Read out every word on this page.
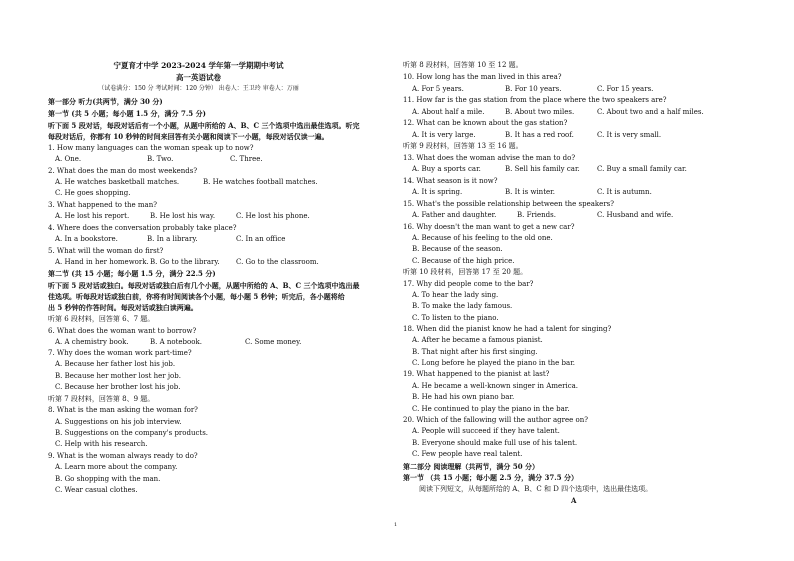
宁夏育才中学 2023-2024 学年第一学期期中考试
高一英语试卷
（试卷满分：150 分 考试时间：120 分钟） 出卷人：王卫玲 审卷人：万丽
第一部分 听力(共两节，满分 30 分)
第一节 (共 5 小题；每小题 1.5 分，满分 7.5 分)
听下面 5 段对话，每段对话后有一个小题，从题中所给的 A、B、C 三个选项中选出最佳选项。听完
每段对话后，你都有 10 秒钟的时间来回答有关小题和阅读下一小题，每段对话仅读一遍。
1. How many languages can the woman speak up to now?
A. One.	B. Two.	C. Three.
2. What does the man do most weekends?
A. He watches basketball matches.	B. He watches football matches.
C. He goes shopping.
3. What happened to the man?
A. He lost his report.	B. He lost his way.	C. He lost his phone.
4. Where does the conversation probably take place?
A. In a bookstore.	B. In a library.	C. In an office
5. What will the woman do first?
A. Hand in her homework. B. Go to the library. C. Go to the classroom.
第二节 (共 15 小题；每小题 1.5 分，满分 22.5 分)
听下面 5 段对话或独白。每段对话或独白后有几个小题，从题中所给的 A、B、C 三个选项中选出最
佳选项。听每段对话或独白前，你将有时间阅读各个小题，每小题 5 秒钟；听完后，各小题将给
出 5 秒钟的作答时间。每段对话或独白读两遍。
听第 6 段材料，回答第 6、7 题。
6. What does the woman want to borrow?
A. A chemistry book.	B. A notebook.	C. Some money.
7. Why does the woman work part-time?
A. Because her father lost his job.
B. Because her mother lost her job.
C. Because her brother lost his job.
听第 7 段材料，回答第 8、9 题。
8. What is the man asking the woman for?
A. Suggestions on his job interview.
B. Suggestions on the company's products.
C. Help with his research.
9. What is the woman always ready to do?
A. Learn more about the company.
B. Go shopping with the man.
C. Wear casual clothes.
听第 8 段材料，回答第 10 至 12 题。
10. How long has the man lived in this area?
A. For 5 years.	B. For 10 years.	C. For 15 years.
11. How far is the gas station from the place where the two speakers are?
A. About half a mile.	B. About two miles.	C. About two and a half miles.
12. What can be known about the gas station?
A. It is very large.	B. It has a red roof.	C. It is very small.
听第 9 段材料，回答第 13 至 16 题。
13. What does the woman advise the man to do?
A. Buy a sports car.	B. Sell his family car. C. Buy a small family car.
14. What season is it now?
A. It is spring.	B. It is winter.	C. It is autumn.
15. What's the possible relationship between the speakers?
A. Father and daughter.	B. Friends.	C. Husband and wife.
16. Why doesn't the man want to get a new car?
A. Because of his feeling to the old one.
B. Because of the season.
C. Because of the high price.
听第 10 段材料，回答第 17 至 20 题。
17. Why did people come to the bar?
A. To hear the lady sing.
B. To make the lady famous.
C. To listen to the piano.
18. When did the pianist know he had a talent for singing?
A. After he became a famous pianist.
B. That night after his first singing.
C. Long before he played the piano in the bar.
19. What happened to the pianist at last?
A. He became a well-known singer in America.
B. He had his own piano bar.
C. He continued to play the piano in the bar.
20. Which of the fallowing will the author agree on?
A. People will succeed if they have talent.
B. Everyone should make full use of his talent.
C. Few people have real talent.
第二部分 阅读理解（共两节，满分 50 分）
第一节 （共 15 小题；每小题 2.5 分，满分 37.5 分）
阅读下列短文，从每题所给的 A、B、C 和 D 四个选项中，选出最佳选项。
A
1
